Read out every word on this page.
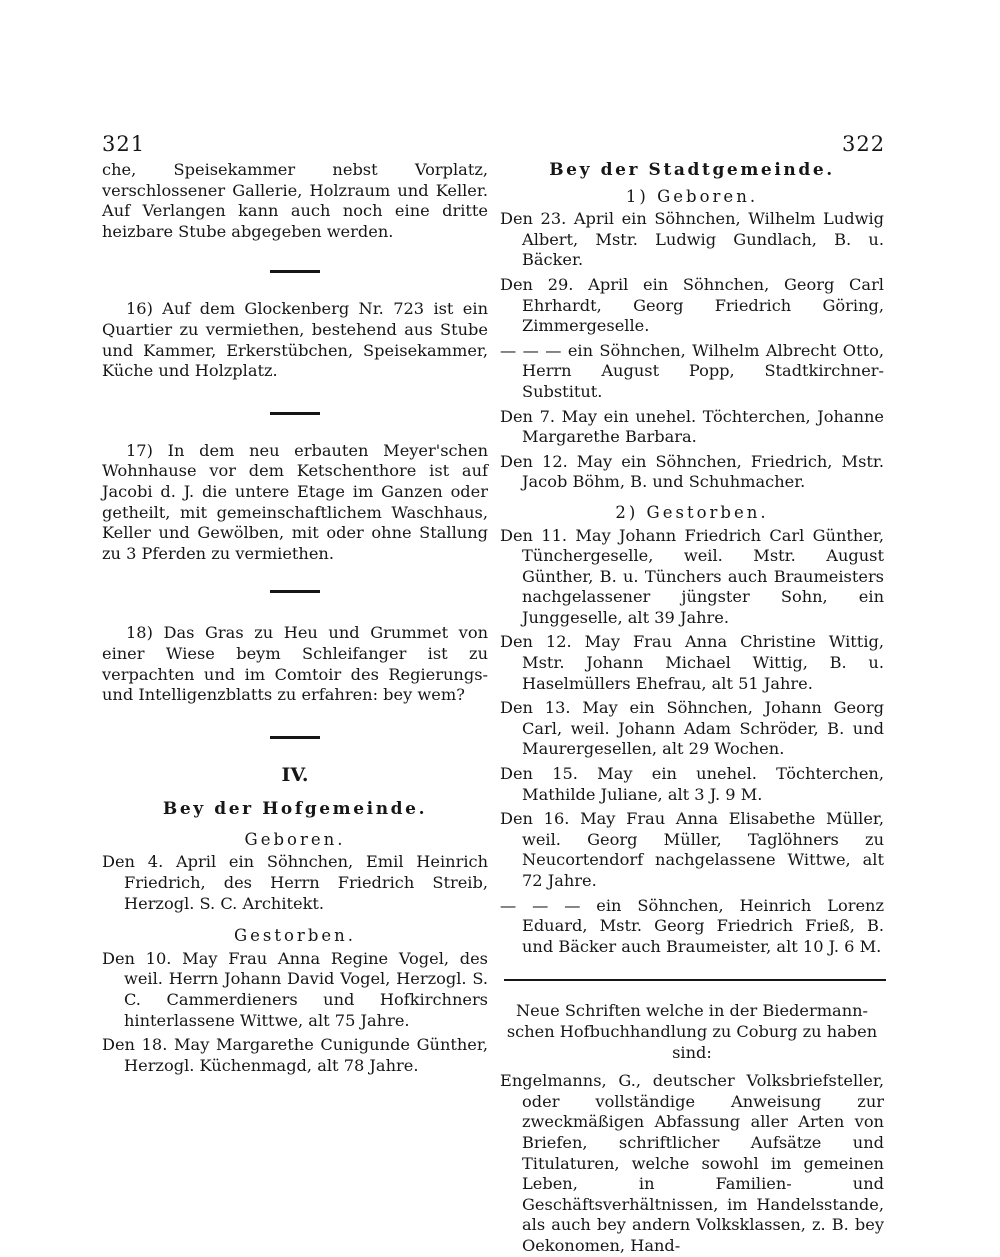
321	322

che, Speisekammer nebst Vorplatz, verschlossener Gallerie, Holzraum und Keller. Auf Verlangen kann auch noch eine dritte heizbare Stube abgegeben werden.

16) Auf dem Glockenberg Nr. 723 ist ein Quartier zu vermiethen, bestehend aus Stube und Kammer, Erkerstübchen, Speisekammer, Küche und Holzplatz.

17) In dem neu erbauten Meyer'schen Wohnhause vor dem Ketschenthore ist auf Jacobi d. J. die untere Etage im Ganzen oder getheilt, mit gemeinschaftlichem Waschhaus, Keller und Gewölben, mit oder ohne Stallung zu 3 Pferden zu vermiethen.

18) Das Gras zu Heu und Grummet von einer Wiese beym Schleifanger ist zu verpachten und im Comtoir des Regierungs- und Intelligenzblatts zu erfahren: bey wem?

IV.

Bey der Hofgemeinde.

Geboren.

Den 4. April ein Söhnchen, Emil Heinrich Friedrich, des Herrn Friedrich Streib, Herzogl. S. C. Architekt.

Gestorben.

Den 10. May Frau Anna Regine Vogel, des weil. Herrn Johann David Vogel, Herzogl. S. C. Cammerdieners und Hofkirchners hinterlassene Wittwe, alt 75 Jahre.

Den 18. May Margarethe Cunigunde Günther, Herzogl. Küchenmagd, alt 78 Jahre.

Bey der Stadtgemeinde.

1) Geboren.

Den 23. April ein Söhnchen, Wilhelm Ludwig Albert, Mstr. Ludwig Gundlach, B. u. Bäcker.

Den 29. April ein Söhnchen, Georg Carl Ehrhardt, Georg Friedrich Göring, Zimmergeselle.

— — — ein Söhnchen, Wilhelm Albrecht Otto, Herrn August Popp, Stadtkirchner-Substitut.

Den 7. May ein unehel. Töchterchen, Johanne Margarethe Barbara.

Den 12. May ein Söhnchen, Friedrich, Mstr. Jacob Böhm, B. und Schuhmacher.

2) Gestorben.

Den 11. May Johann Friedrich Carl Günther, Tünchergeselle, weil. Mstr. August Günther, B. u. Tünchers auch Braumeisters nachgelassener jüngster Sohn, ein Junggeselle, alt 39 Jahre.

Den 12. May Frau Anna Christine Wittig, Mstr. Johann Michael Wittig, B. u. Haselmüllers Ehefrau, alt 51 Jahre.

Den 13. May ein Söhnchen, Johann Georg Carl, weil. Johann Adam Schröder, B. und Maurergesellen, alt 29 Wochen.

Den 15. May ein unehel. Töchterchen, Mathilde Juliane, alt 3 J. 9 M.

Den 16. May Frau Anna Elisabethe Müller, weil. Georg Müller, Taglöhners zu Neucortendorf nachgelassene Wittwe, alt 72 Jahre.

— — — ein Söhnchen, Heinrich Lorenz Eduard, Mstr. Georg Friedrich Frieß, B. und Bäcker auch Braumeister, alt 10 J. 6 M.

Neue Schriften welche in der Biedermann-schen Hofbuchhandlung zu Coburg zu haben sind:

Engelmanns, G., deutscher Volksbriefsteller, oder vollständige Anweisung zur zweckmäßigen Abfassung aller Arten von Briefen, schriftlicher Aufsätze und Titulaturen, welche sowohl im gemeinen Leben, in Familien- und Geschäftsverhältnissen, im Handelsstande, als auch bey andern Volksklassen, z. B. bey Oekonomen, Hand-
